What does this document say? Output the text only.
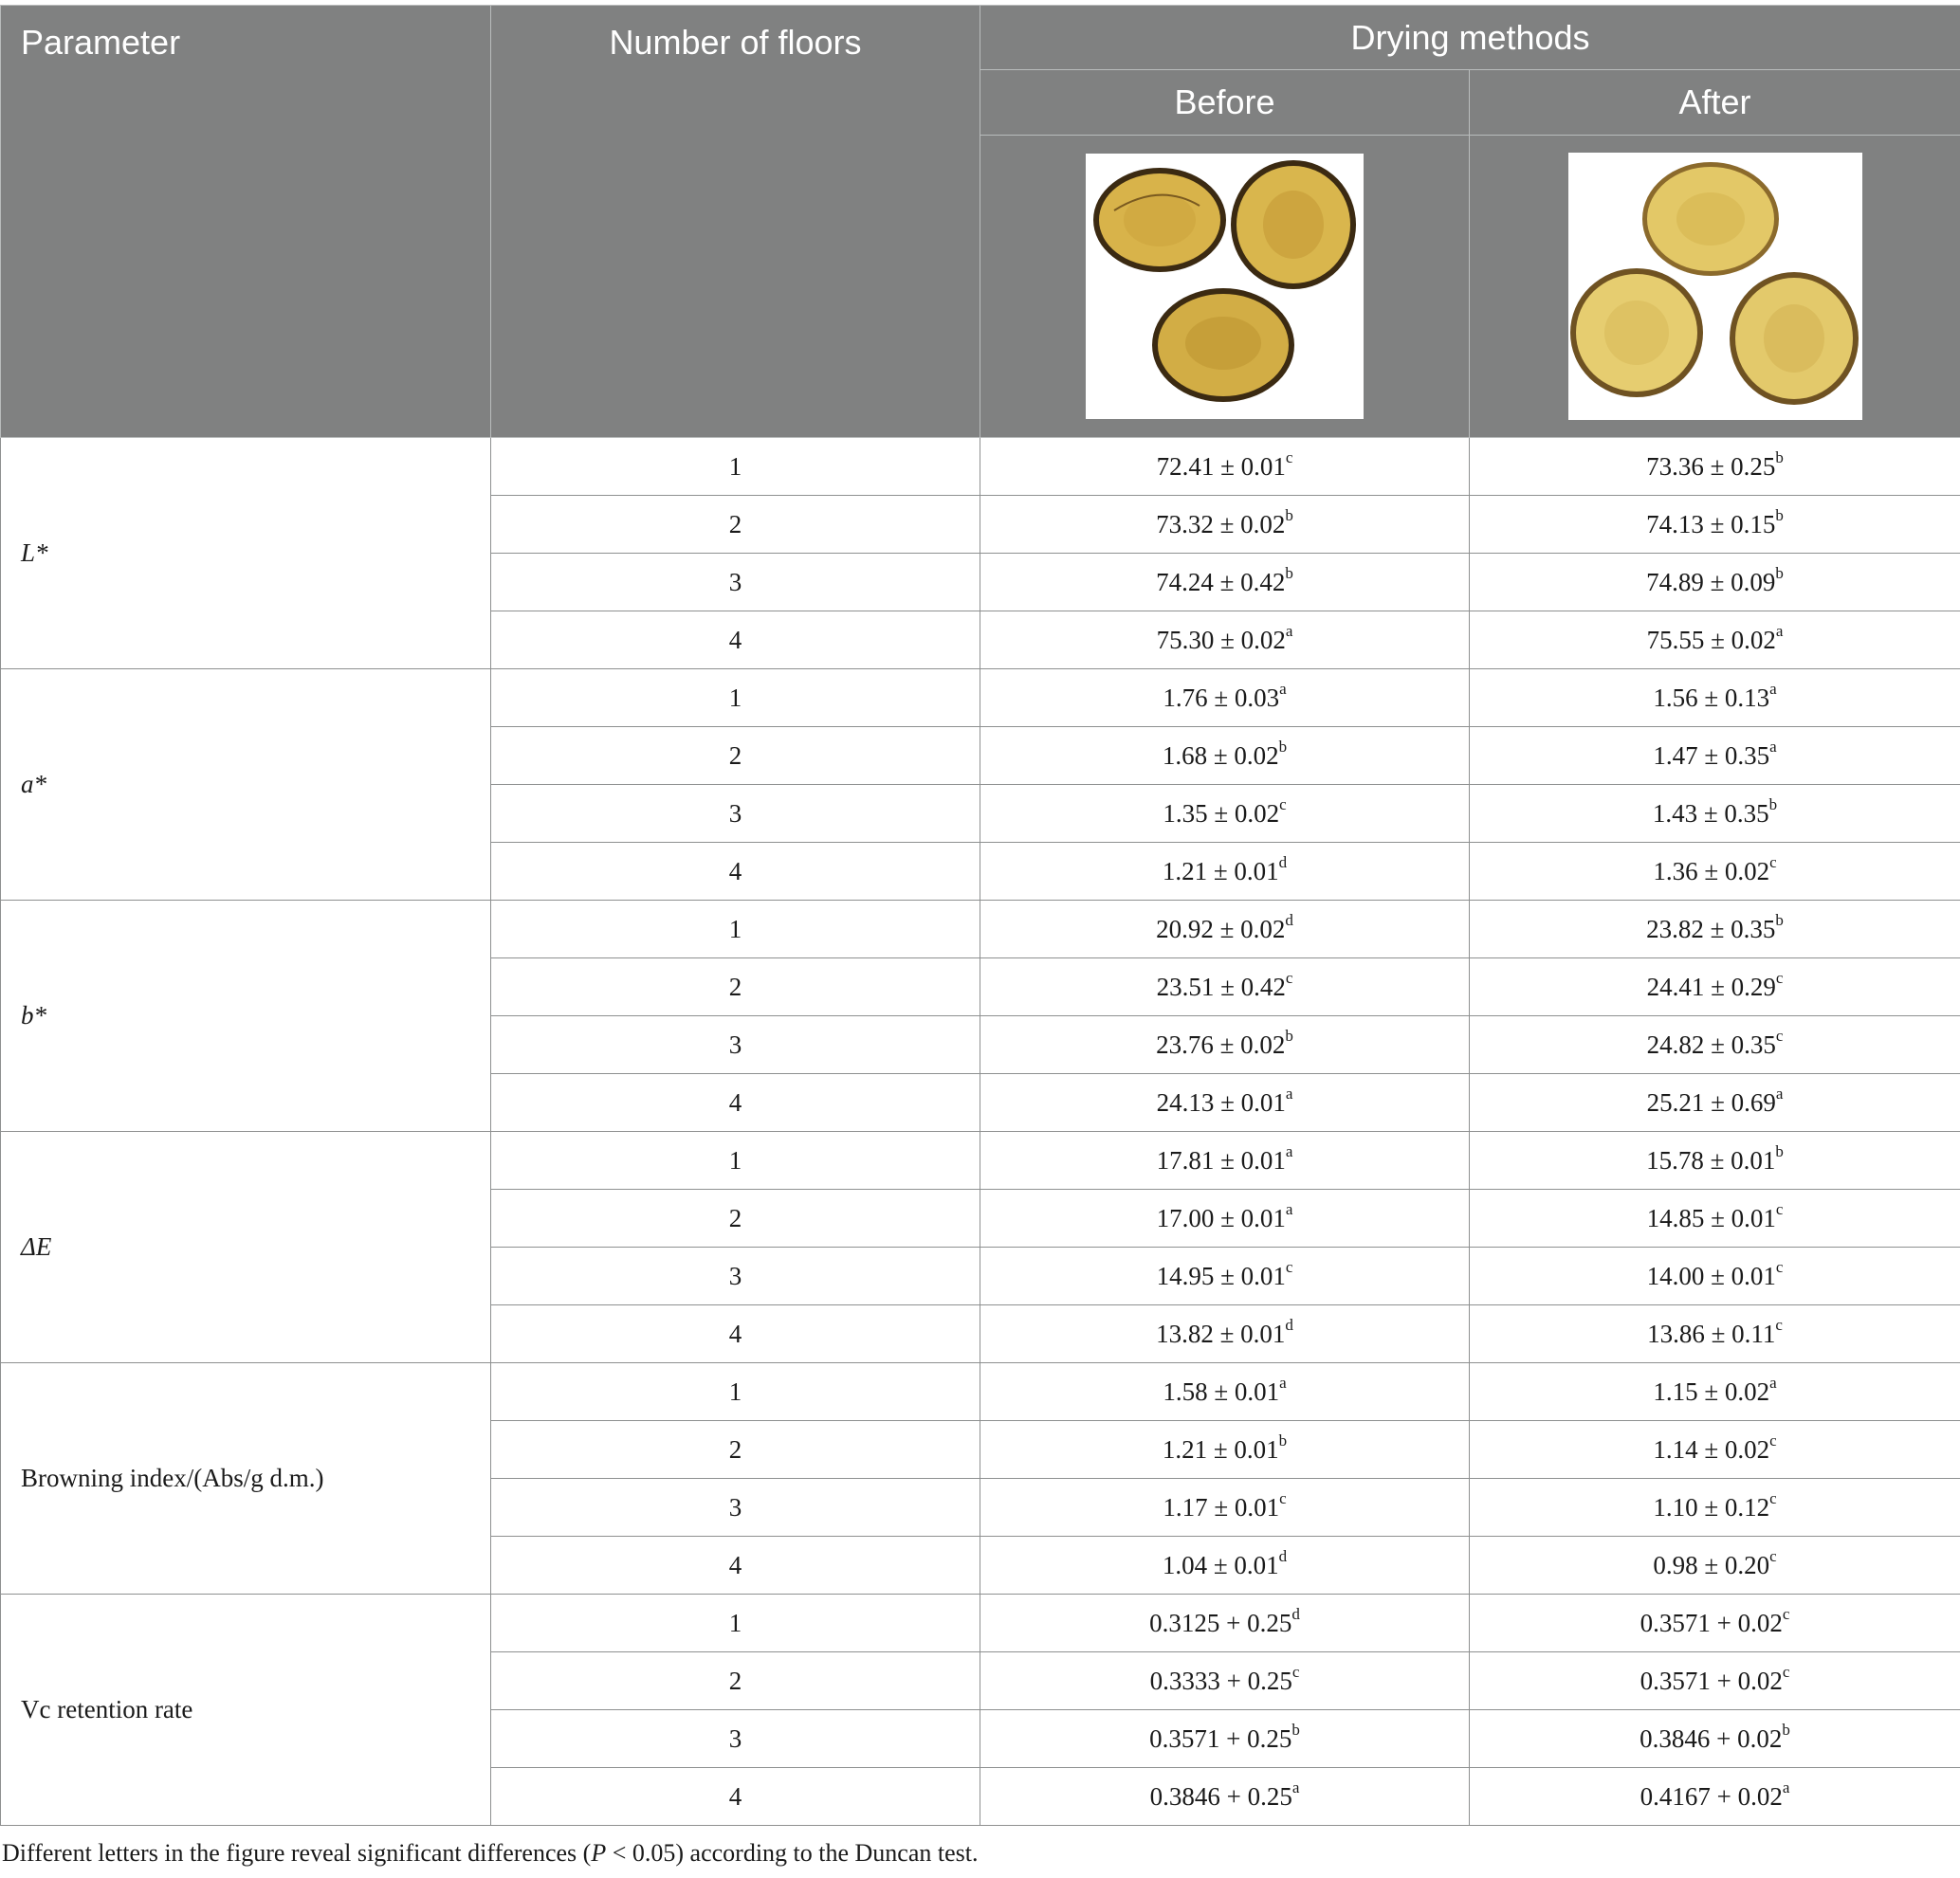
Parameter	Number of floors	Drying methods	
		Before	After

L*	1	72.41 ± 0.01$^c$	73.36 ± 0.25$^b$
	2	73.32 ± 0.02$^b$	74.13 ± 0.15$^b$
	3	74.24 ± 0.42$^b$	74.89 ± 0.09$^b$
	4	75.30 ± 0.02$^a$	75.55 ± 0.02$^a$
a*	1	1.76 ± 0.03$^a$	1.56 ± 0.13$^a$
	2	1.68 ± 0.02$^b$	1.47 ± 0.35$^a$
	3	1.35 ± 0.02$^c$	1.43 ± 0.35$^b$
	4	1.21 ± 0.01$^d$	1.36 ± 0.02$^c$
b*	1	20.92 ± 0.02$^d$	23.82 ± 0.35$^b$
	2	23.51 ± 0.42$^c$	24.41 ± 0.29$^c$
	3	23.76 ± 0.02$^b$	24.82 ± 0.35$^c$
	4	24.13 ± 0.01$^a$	25.21 ± 0.69$^a$
ΔE	1	17.81 ± 0.01$^a$	15.78 ± 0.01$^b$
	2	17.00 ± 0.01$^a$	14.85 ± 0.01$^c$
	3	14.95 ± 0.01$^c$	14.00 ± 0.01$^c$
	4	13.82 ± 0.01$^d$	13.86 ± 0.11$^c$
Browning index/(Abs/g d.m.)	1	1.58 ± 0.01$^a$	1.15 ± 0.02$^a$
	2	1.21 ± 0.01$^b$	1.14 ± 0.02$^c$
	3	1.17 ± 0.01$^c$	1.10 ± 0.12$^c$
	4	1.04 ± 0.01$^d$	0.98 ± 0.20$^c$
Vc retention rate	1	0.3125 + 0.25$^d$	0.3571 + 0.02$^c$
	2	0.3333 + 0.25$^c$	0.3571 + 0.02$^c$
	3	0.3571 + 0.25$^b$	0.3846 + 0.02$^b$
	4	0.3846 + 0.25$^a$	0.4167 + 0.02$^a$
Different letters in the figure reveal significant differences (P < 0.05) according to the Duncan test.
